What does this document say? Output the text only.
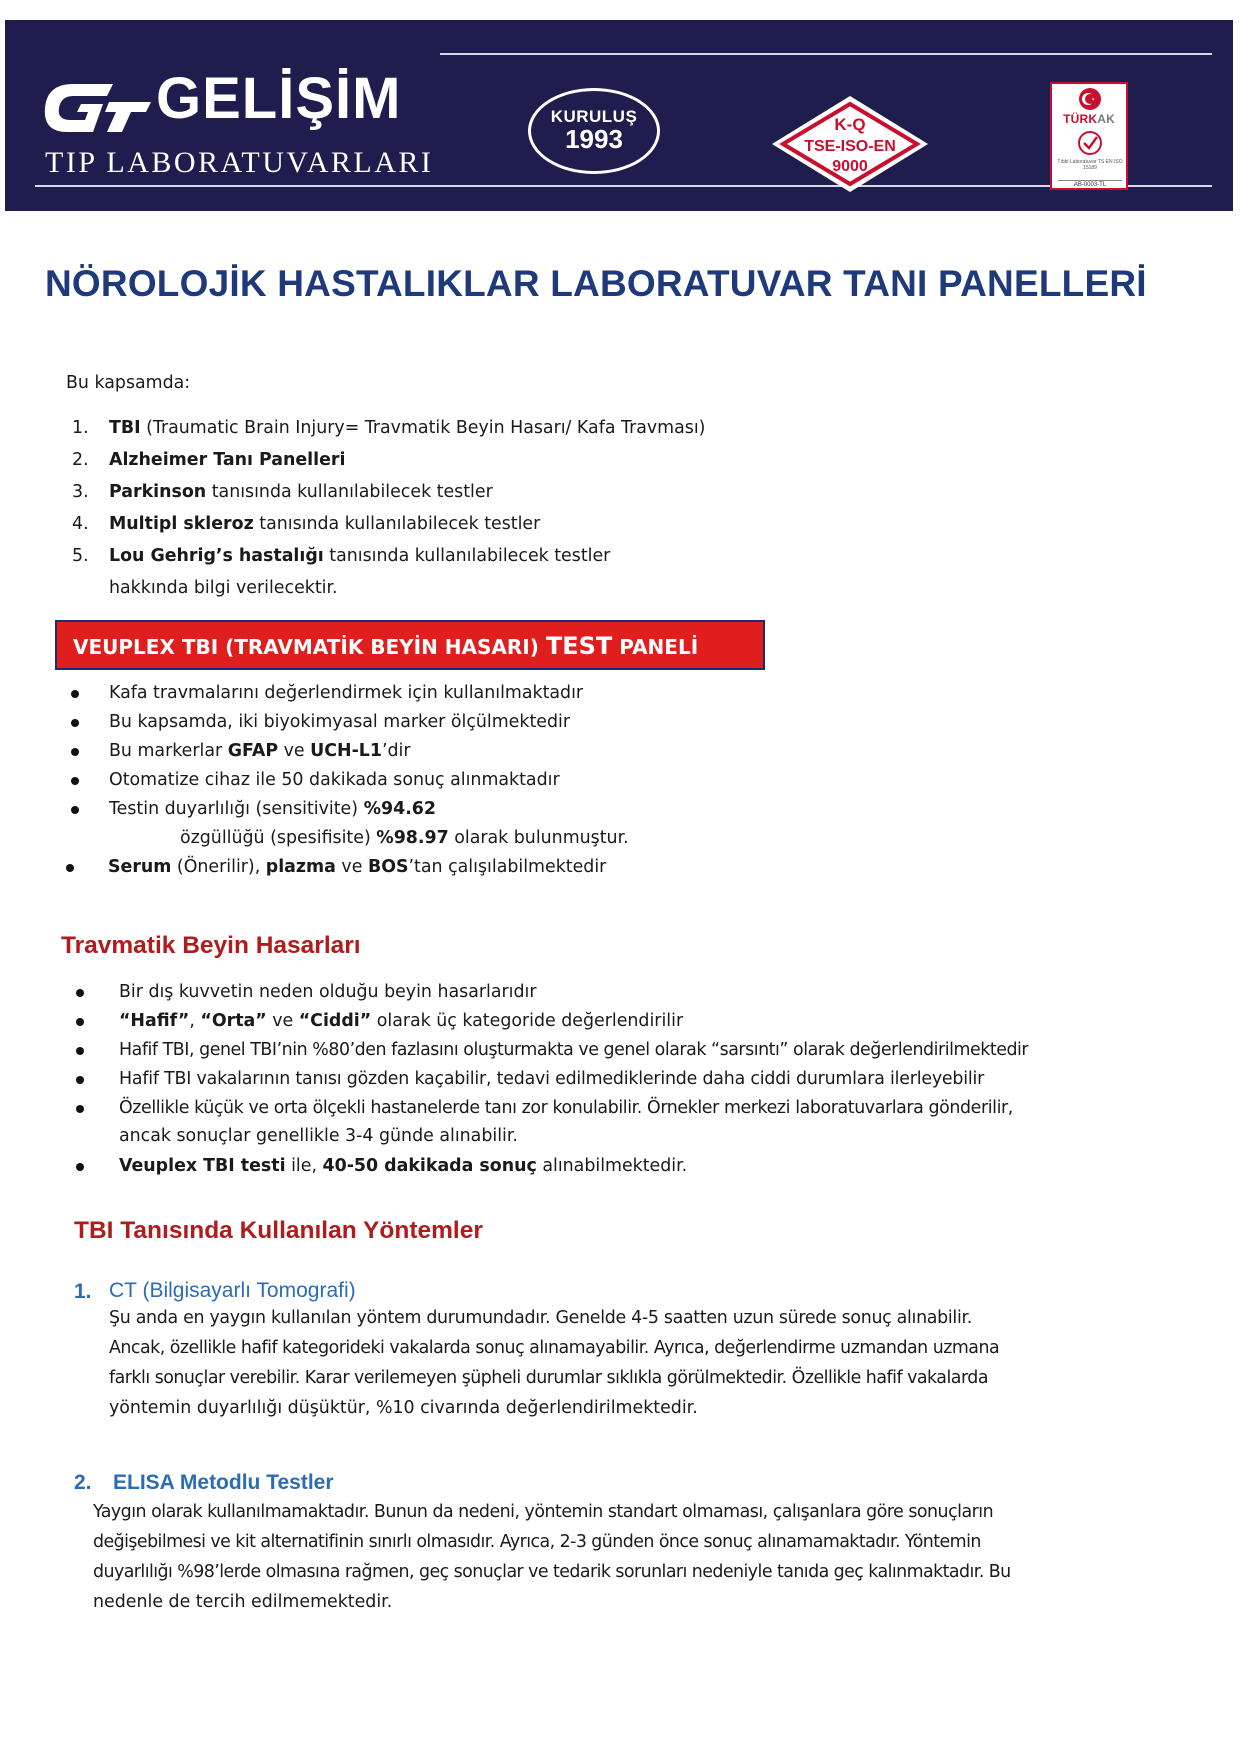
GELİŞİM
TIP LABORATUVARLARI
KURULUŞ
1993	K-Q
TSE-ISO-EN
9000
TÜRKAK
Tıbbi Laboratuvar TS EN ISO 15189
AB-0003-TL
NÖROLOJİK HASTALIKLAR LABORATUVAR TANI PANELLERİ
Bu kapsamda:
1. TBI (Traumatic Brain Injury= Travmatik Beyin Hasarı/ Kafa Travması)
2. Alzheimer Tanı Panelleri
3. Parkinson tanısında kullanılabilecek testler
4. Multipl skleroz tanısında kullanılabilecek testler
5. Lou Gehrig’s hastalığı tanısında kullanılabilecek testler
hakkında bilgi verilecektir.
VEUPLEX TBI (TRAVMATİK BEYİN HASARI) TEST PANELİ
Kafa travmalarını değerlendirmek için kullanılmaktadır
Bu kapsamda, iki biyokimyasal marker ölçülmektedir
Bu markerlar GFAP ve UCH-L1’dir
Otomatize cihaz ile 50 dakikada sonuç alınmaktadır
Testin duyarlılığı (sensitivite) %94.62
özgüllüğü (spesifisite) %98.97 olarak bulunmuştur.
Serum (Önerilir), plazma ve BOS’tan çalışılabilmektedir
Travmatik Beyin Hasarları
Bir dış kuvvetin neden olduğu beyin hasarlarıdır
“Hafif”, “Orta” ve “Ciddi” olarak üç kategoride değerlendirilir
Hafif TBI, genel TBI’nin %80’den fazlasını oluşturmakta ve genel olarak “sarsıntı” olarak değerlendirilmektedir
Hafif TBI vakalarının tanısı gözden kaçabilir, tedavi edilmediklerinde daha ciddi durumlara ilerleyebilir
Özellikle küçük ve orta ölçekli hastanelerde tanı zor konulabilir. Örnekler merkezi laboratuvarlara gönderilir,
ancak sonuçlar genellikle 3-4 günde alınabilir.
Veuplex TBI testi ile, 40-50 dakikada sonuç alınabilmektedir.
TBI Tanısında Kullanılan Yöntemler
1. CT (Bilgisayarlı Tomografi)
Şu anda en yaygın kullanılan yöntem durumundadır. Genelde 4-5 saatten uzun sürede sonuç alınabilir.
Ancak, özellikle hafif kategorideki vakalarda sonuç alınamayabilir. Ayrıca, değerlendirme uzmandan uzmana
farklı sonuçlar verebilir. Karar verilemeyen şüpheli durumlar sıklıkla görülmektedir. Özellikle hafif vakalarda
yöntemin duyarlılığı düşüktür, %10 civarında değerlendirilmektedir.
2. ELISA Metodlu Testler
Yaygın olarak kullanılmamaktadır. Bunun da nedeni, yöntemin standart olmaması, çalışanlara göre sonuçların
değişebilmesi ve kit alternatifinin sınırlı olmasıdır. Ayrıca, 2-3 günden önce sonuç alınamamaktadır. Yöntemin
duyarlılığı %98’lerde olmasına rağmen, geç sonuçlar ve tedarik sorunları nedeniyle tanıda geç kalınmaktadır. Bu
nedenle de tercih edilmemektedir.
